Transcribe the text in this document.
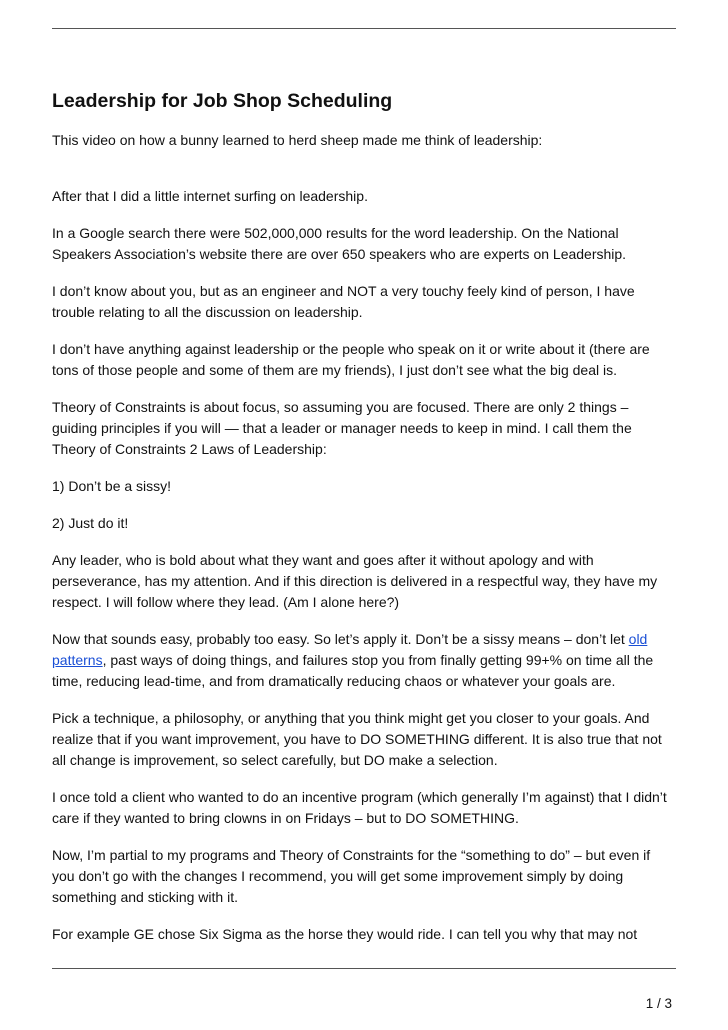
Leadership for Job Shop Scheduling

This video on how a bunny learned to herd sheep made me think of leadership:

After that I did a little internet surfing on leadership.

In a Google search there were 502,000,000 results for the word leadership. On the National Speakers Association’s website there are over 650 speakers who are experts on Leadership.

I don’t know about you, but as an engineer and NOT a very touchy feely kind of person, I have trouble relating to all the discussion on leadership.

I don’t have anything against leadership or the people who speak on it or write about it (there are tons of those people and some of them are my friends), I just don’t see what the big deal is.

Theory of Constraints is about focus, so assuming you are focused. There are only 2 things – guiding principles if you will — that a leader or manager needs to keep in mind. I call them the Theory of Constraints 2 Laws of Leadership:

1) Don’t be a sissy!

2) Just do it!

Any leader, who is bold about what they want and goes after it without apology and with perseverance, has my attention. And if this direction is delivered in a respectful way, they have my respect. I will follow where they lead. (Am I alone here?)

Now that sounds easy, probably too easy. So let’s apply it. Don’t be a sissy means – don’t let old patterns, past ways of doing things, and failures stop you from finally getting 99+% on time all the time, reducing lead-time, and from dramatically reducing chaos or whatever your goals are.

Pick a technique, a philosophy, or anything that you think might get you closer to your goals. And realize that if you want improvement, you have to DO SOMETHING different. It is also true that not all change is improvement, so select carefully, but DO make a selection.

I once told a client who wanted to do an incentive program (which generally I’m against) that I didn’t care if they wanted to bring clowns in on Fridays – but to DO SOMETHING.

Now, I’m partial to my programs and Theory of Constraints for the “something to do” – but even if you don’t go with the changes I recommend, you will get some improvement simply by doing something and sticking with it.

For example GE chose Six Sigma as the horse they would ride. I can tell you why that may not

1 / 3
